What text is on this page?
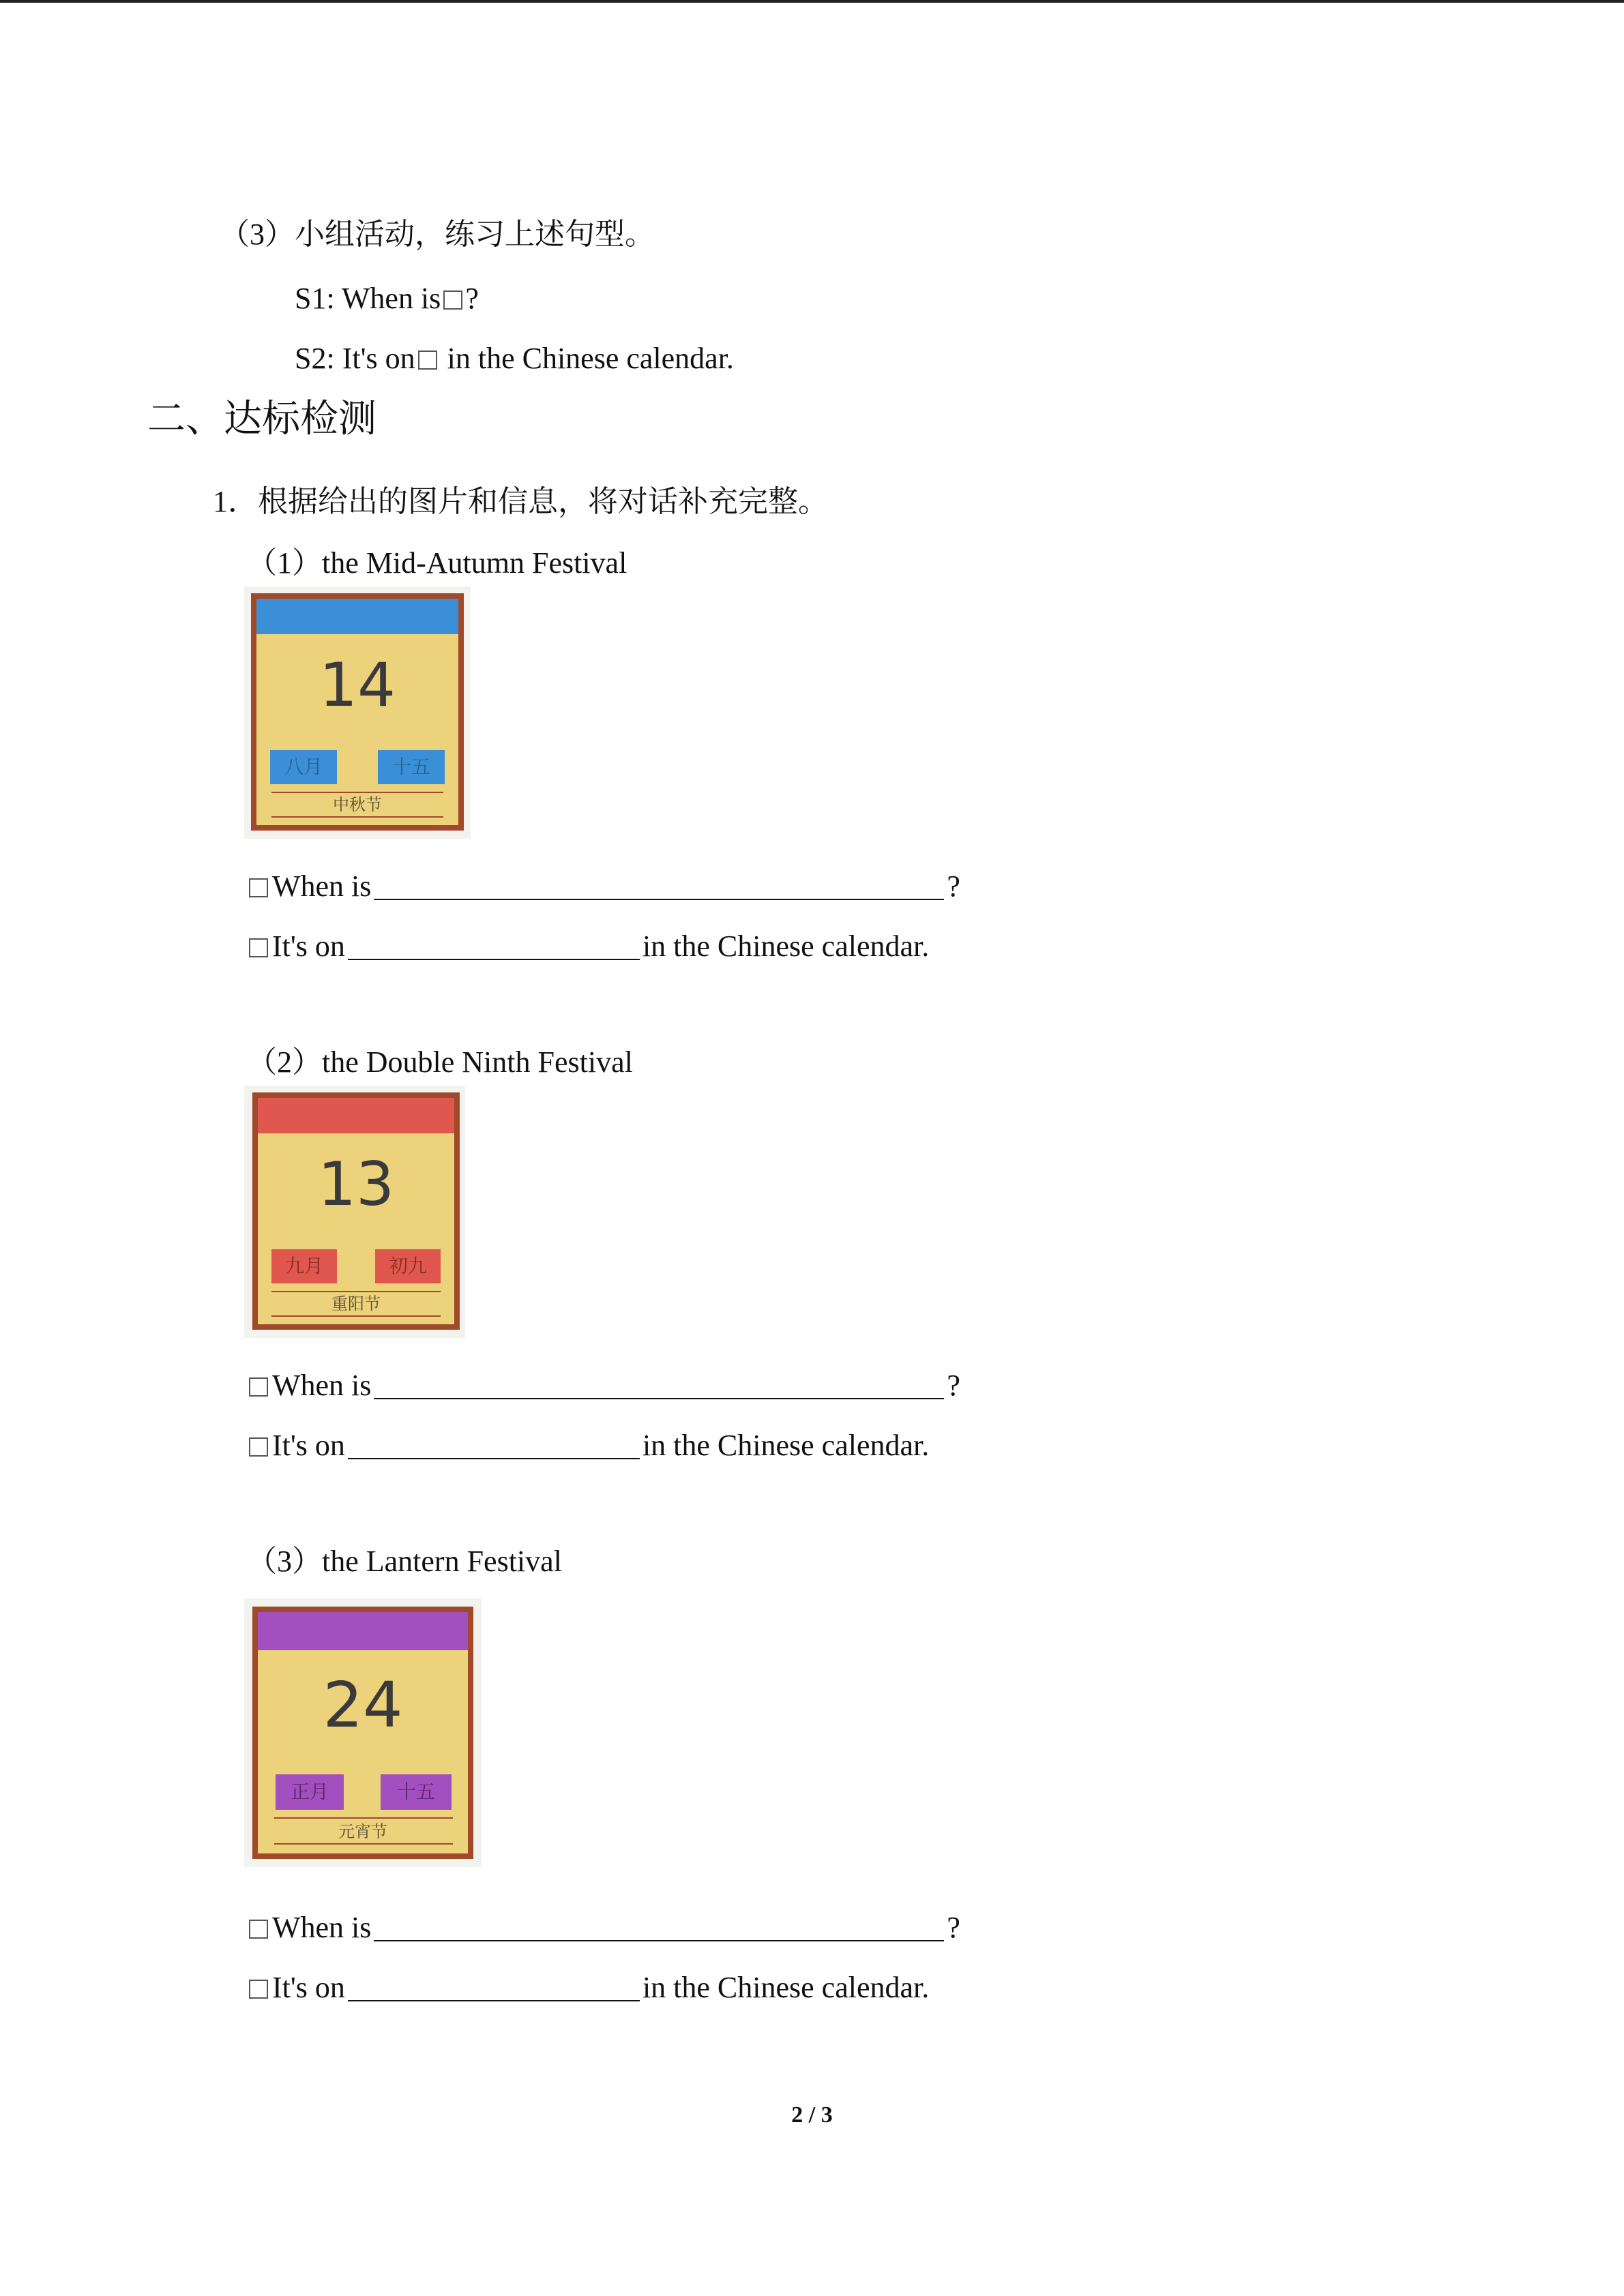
（3）小组活动，练习上述句型。
S1: When is ?
S2: It's on in the Chinese calendar.
二、达标检测
1．根据给出的图片和信息，将对话补充完整。
（1）the Mid-Autumn Festival
14
八月	十五
中秋节
When is	?
It's on	in the Chinese calendar.
（2）the Double Ninth Festival
13
九月	初九
重阳节
When is	?
It's on	in the Chinese calendar.
（3）the Lantern Festival
24
正月	十五
元宵节
When is	?
It's on	in the Chinese calendar.
2 / 3
